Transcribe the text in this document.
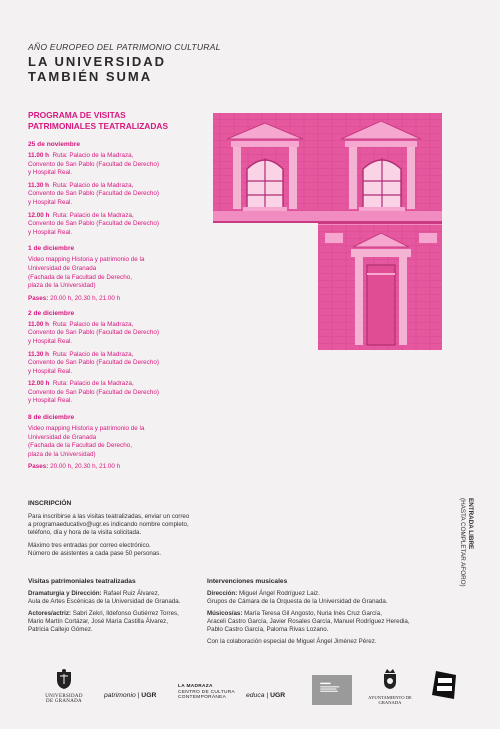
AÑO EUROPEO DEL PATRIMONIO CULTURAL
LA UNIVERSIDAD
TAMBIÉN SUMA
PROGRAMA DE VISITAS
PATRIMONIALES TEATRALIZADAS
25 de noviembre
11.00 h Ruta: Palacio de la Madraza,
Convento de San Pablo (Facultad de Derecho)
y Hospital Real.
11.30 h Ruta: Palacio de la Madraza,
Convento de San Pablo (Facultad de Derecho)
y Hospital Real.
12.00 h Ruta: Palacio de la Madraza,
Convento de San Pablo (Facultad de Derecho)
y Hospital Real.
1 de diciembre
Video mapping Historia y patrimonio de la
Universidad de Granada
(Fachada de la Facultad de Derecho,
plaza de la Universidad)
Pases: 20.00 h, 20.30 h, 21.00 h
2 de diciembre
11.00 h Ruta: Palacio de la Madraza,
Convento de San Pablo (Facultad de Derecho)
y Hospital Real.
11.30 h Ruta: Palacio de la Madraza,
Convento de San Pablo (Facultad de Derecho)
y Hospital Real.
12.00 h Ruta: Palacio de la Madraza,
Convento de San Pablo (Facultad de Derecho)
y Hospital Real.
8 de diciembre
Video mapping Historia y patrimonio de la
Universidad de Granada
(Fachada de la Facultad de Derecho,
plaza de la Universidad)
Pases: 20.00 h, 20.30 h, 21.00 h
ENTRADA LIBRE
(HASTA COMPLETAR AFORO)
INSCRIPCIÓN

Para inscribirse a las visitas teatralizadas, enviar un correo
a programaeducativo@ugr.es indicando nombre completo,
teléfono, día y hora de la visita solicitada.

Máximo tres entradas por correo electrónico.
Número de asistentes a cada pase 50 personas.

Visitas patrimoniales teatralizadas
Dramaturgia y Dirección: Rafael Ruiz Álvarez,
Aula de Artes Escénicas de la Universidad de Granada.
Actores/actriz: Sabri Zekri, Ildefonso Gutiérrez Torres,
Mario Martín Cortázar, José María Castilla Álvarez,
Patricia Callejo Gómez.
Intervenciones musicales
Dirección: Miguel Ángel Rodríguez Laiz.
Grupos de Cámara de la Orquesta de la Universidad de Granada.
Músicos/as: María Teresa Gil Angosto, Nuria Inés Cruz García,
Araceli Castro García, Javier Rosales García, Manuel Rodríguez Heredia,
Pablo Castro García, Paloma Rivas Lozano.
Con la colaboración especial de Miguel Ángel Jiménez Pérez.
UNIVERSIDAD
DE GRANADA
patrimonio | UGR
LA MADRAZA
CENTRO DE CULTURA
CONTEMPORÁNEA	educa | UGR	AYUNTAMIENTO DE GRANADA
